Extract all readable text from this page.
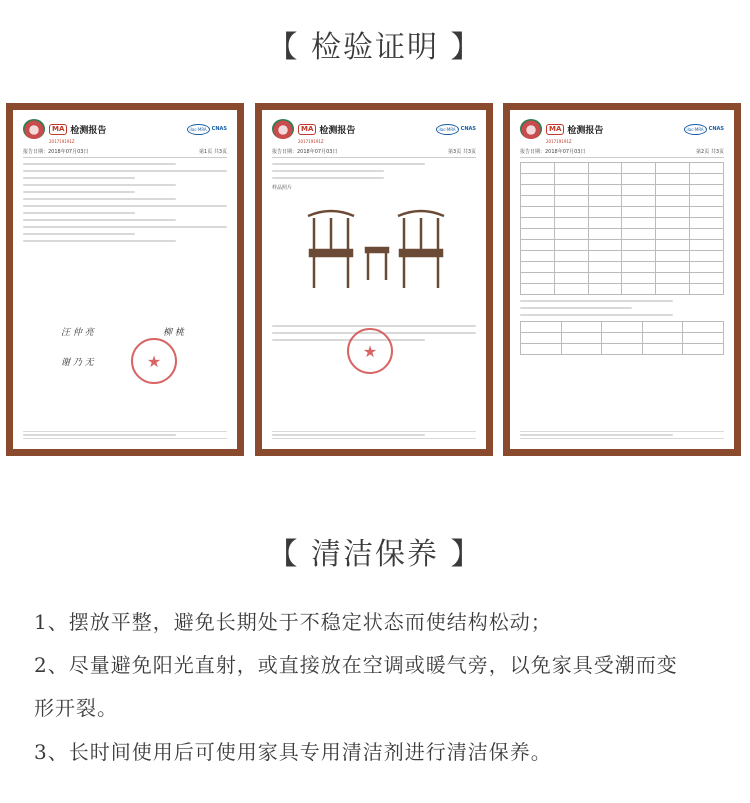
【 检验证明 】
MA 检测报告	ilac-MRA	CNAS
201719191Z
报告日期：2018年07月03日	第1页 共3页
汪 仲 亮
谢 乃 无
柳 桃
★
MA 检测报告	ilac-MRA	CNAS
201719191Z
报告日期：2018年07月03日	第3页 共3页
样品照片
★
MA 检测报告	ilac-MRA	CNAS
201719191Z
报告日期：2018年07月03日	第2页 共3页

【 清洁保养 】
1、摆放平整，避免长期处于不稳定状态而使结构松动；
2、尽量避免阳光直射，或直接放在空调或暖气旁，以免家具受潮而变
形开裂。
3、长时间使用后可使用家具专用清洁剂进行清洁保养。
